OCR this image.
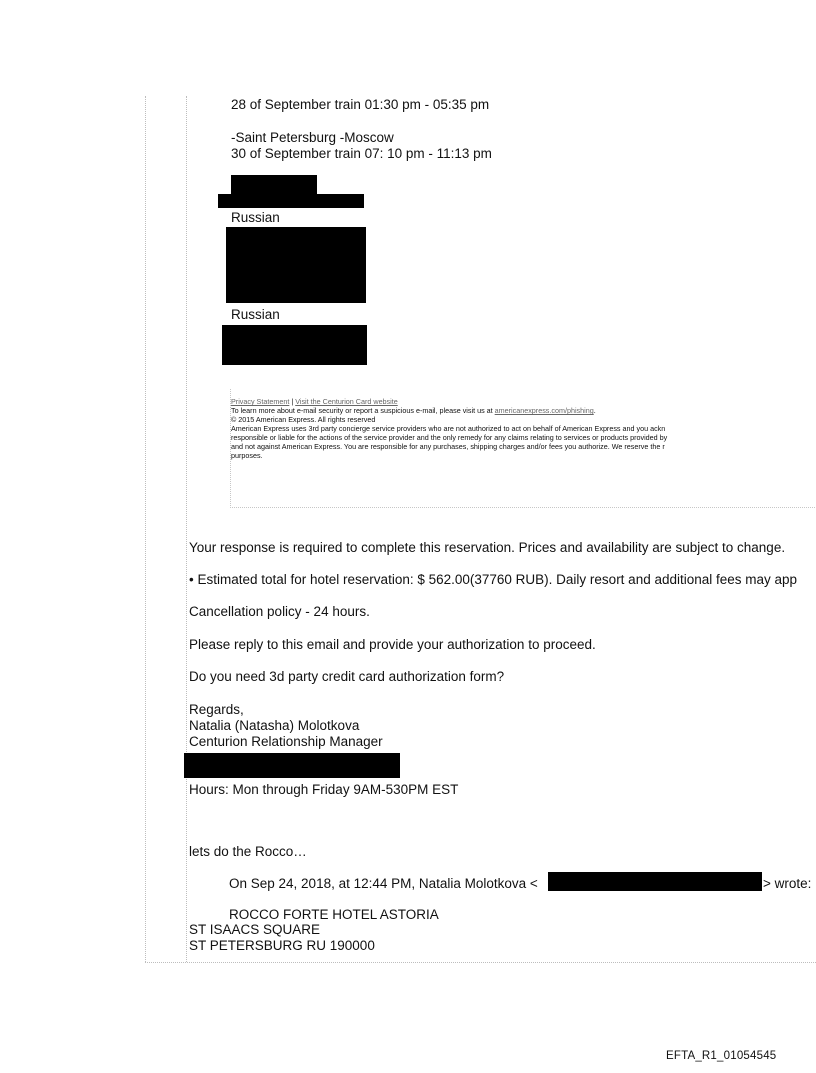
28 of September train 01:30 pm - 05:35 pm
-Saint Petersburg -Moscow
30 of September train 07: 10 pm - 11:13 pm
Russian
Russian
Privacy Statement | Visit the Centurion Card website
To learn more about e-mail security or report a suspicious e-mail, please visit us at americanexpress.com/phishing.
© 2015 American Express. All rights reserved
American Express uses 3rd party concierge service providers who are not authorized to act on behalf of American Express and you ackn
responsible or liable for the actions of the service provider and the only remedy for any claims relating to services or products provided by
and not against American Express. You are responsible for any purchases, shipping charges and/or fees you authorize. We reserve the r
purposes.
Your response is required to complete this reservation. Prices and availability are subject to change.
• Estimated total for hotel reservation: $ 562.00(37760 RUB). Daily resort and additional fees may app
Cancellation policy - 24 hours.
Please reply to this email and provide your authorization to proceed.
Do you need 3d party credit card authorization form?
Regards,
Natalia (Natasha) Molotkova
Centurion Relationship Manager
Hours: Mon through Friday 9AM-530PM EST
lets do the Rocco…
On Sep 24, 2018, at 12:44 PM, Natalia Molotkova <	> wrote:
ROCCO FORTE HOTEL ASTORIA
ST ISAACS SQUARE
ST PETERSBURG RU 190000
EFTA_R1_01054545
